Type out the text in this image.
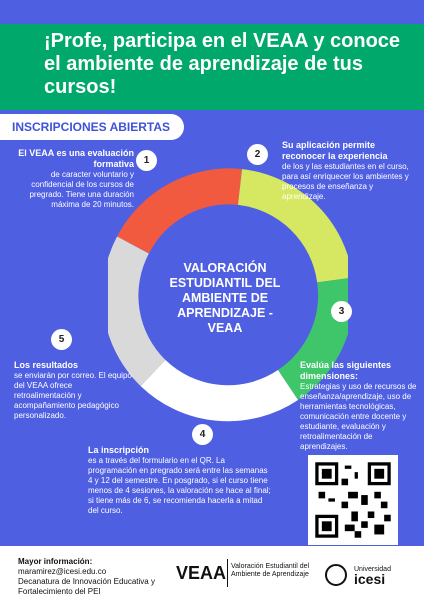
¡Profe, participa en el VEAA y conoce el ambiente de aprendizaje de tus cursos!
INSCRIPCIONES ABIERTAS
VALORACIÓN ESTUDIANTIL DEL AMBIENTE DE APRENDIZAJE - VEAA
1
2
3
4
5
El VEAA es una evaluación formativa
de caracter voluntario y confidencial de los cursos de pregrado. Tiene una duración máxima de 20 minutos.
Su aplicación permite reconocer la experiencia
de los y las estudiantes en el curso, para así enriquecer los ambientes y procesos de enseñanza y aprendizaje.
Evalúa las siguientes dimensiones:
Estrategias y uso de recursos de enseñanza/aprendizaje, uso de herramientas tecnológicas, comunicación entre docente y estudiante, evaluación y retroalimentación de aprendizajes.
La inscripción
es a través del formulario en el QR. La programación en pregrado será entre las semanas 4 y 12 del semestre. En posgrado, si el curso tiene menos de 4 sesiones, la valoración se hace al final; si tiene más de 6, se recomienda hacerla a mitad del curso.
Los resultados
se enviarán por correo. El equipo del VEAA ofrece retroalimentación y acompañamiento pedagógico personalizado.
Mayor información:
maramirez@icesi.edu.co
Decanatura de Innovación Educativa y Fortalecimiento del PEI
VEAA Valoración Estudiantil del Ambiente de Aprendizaje
Universidad
icesi
